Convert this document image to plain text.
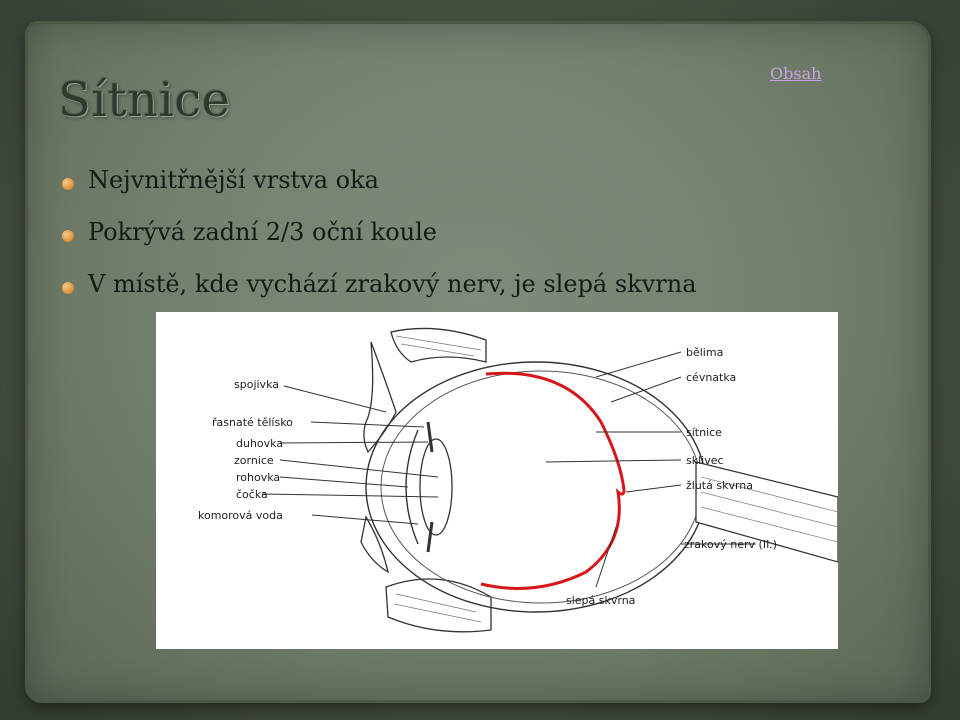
Sítnice	Obsah
Nejvnitřnější vrstva oka
Pokrývá zadní 2/3 oční koule
V místě, kde vychází zrakový nerv, je slepá skvrna
spojivka
řasnaté tělísko
duhovka
zornice
rohovka
čočka
komorová voda
bělima
cévnatka
sítnice
sklivec
žlutá skvrna
zrakový nerv (II.)
slepá skvrna
